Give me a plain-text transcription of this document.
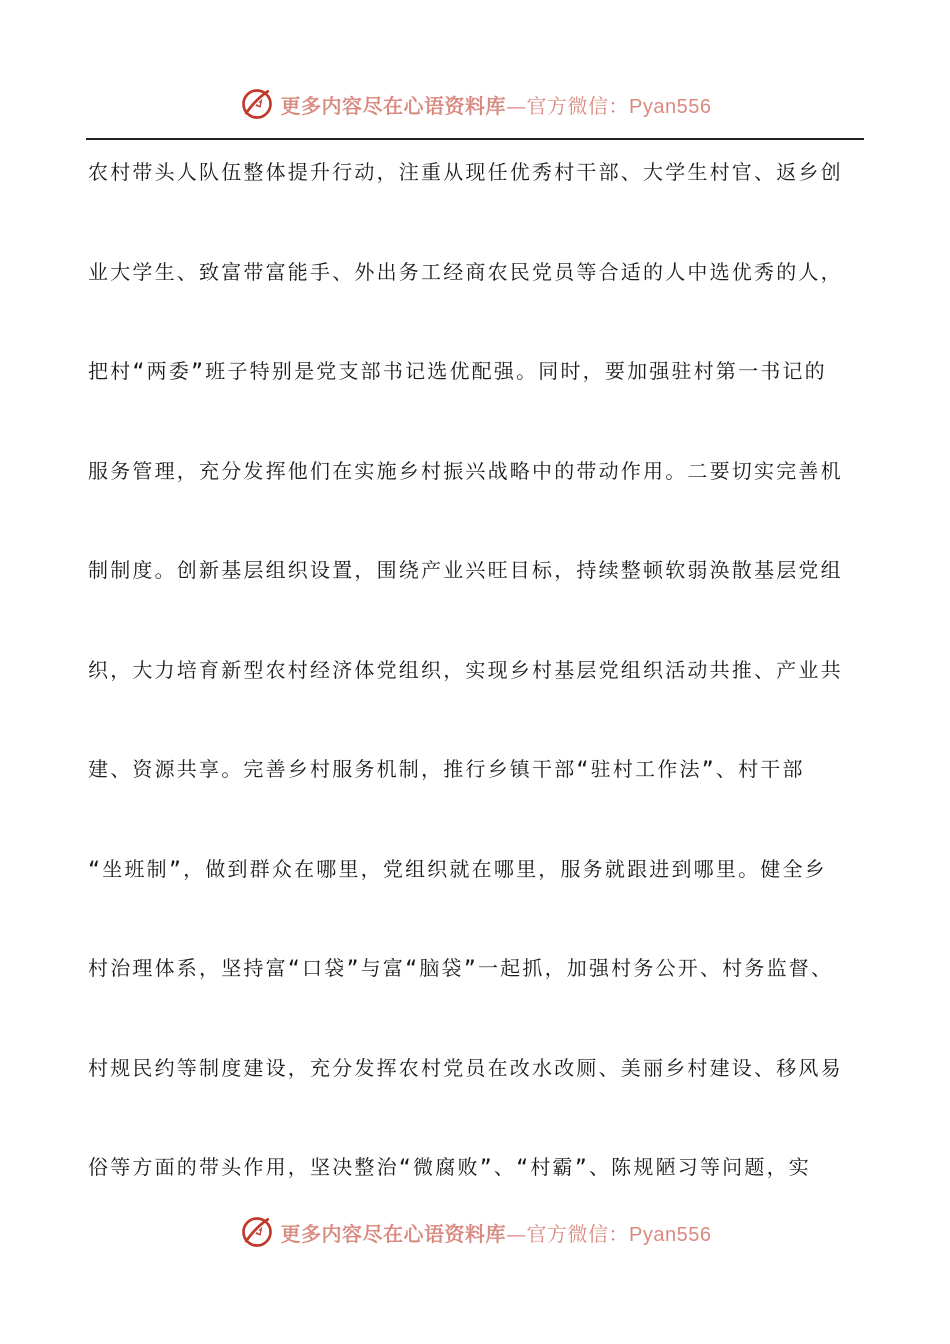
更多内容尽在心语资料库—官方微信：Pyan556
农村带头人队伍整体提升行动，注重从现任优秀村干部、大学生村官、返乡创
业大学生、致富带富能手、外出务工经商农民党员等合适的人中选优秀的人，
把村“两委”班子特别是党支部书记选优配强。同时，要加强驻村第一书记的
服务管理，充分发挥他们在实施乡村振兴战略中的带动作用。二要切实完善机
制制度。创新基层组织设置，围绕产业兴旺目标，持续整顿软弱涣散基层党组
织，大力培育新型农村经济体党组织，实现乡村基层党组织活动共推、产业共
建、资源共享。完善乡村服务机制，推行乡镇干部“驻村工作法”、村干部
“坐班制”，做到群众在哪里，党组织就在哪里，服务就跟进到哪里。健全乡
村治理体系，坚持富“口袋”与富“脑袋”一起抓，加强村务公开、村务监督、
村规民约等制度建设，充分发挥农村党员在改水改厕、美丽乡村建设、移风易
俗等方面的带头作用，坚决整治“微腐败”、“村霸”、陈规陋习等问题，实
更多内容尽在心语资料库—官方微信：Pyan556
